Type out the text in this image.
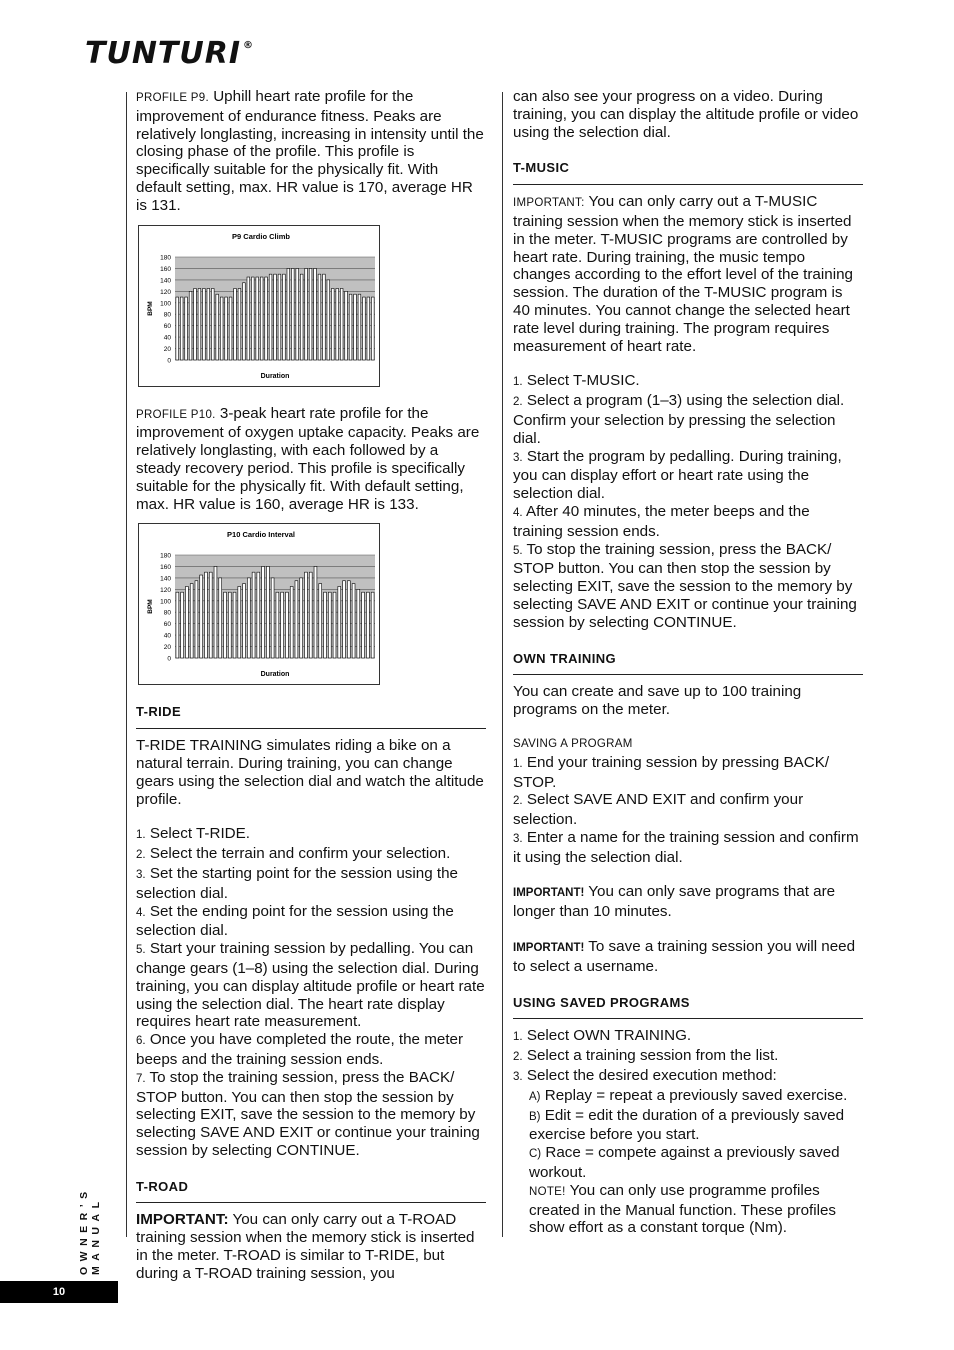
TUNTURI ®

PROFILE P9. Uphill heart rate profile for the improvement of endurance fitness. Peaks are relatively longlasting, increasing in intensity until the closing phase of the profile. This profile is specifically suitable for the physically fit. With default setting, max. HR value is 170, average HR is 131.

P9 Cardio Climb
0
20
40
60
80
100
120
140
160
180
BPM
Duration

PROFILE P10. 3-peak heart rate profile for the improvement of oxygen uptake capacity. Peaks are relatively longlasting, with each followed by a steady recovery period. This profile is specifically suitable for the physically fit. With default setting, max. HR value is 160, average HR is 133.

P10 Cardio Interval
0
20
40
60
80
100
120
140
160
180
BPM
Duration

T-RIDE

T-RIDE TRAINING simulates riding a bike on a natural terrain. During training, you can change gears using the selection dial and watch the altitude profile.

1. Select T-RIDE.

2. Select the terrain and confirm your selection.

3. Set the starting point for the session using the selection dial.

4. Set the ending point for the session using the selection dial.

5. Start your training session by pedalling. You can change gears (1–8) using the selection dial. During training, you can display altitude profile or heart rate using the selection dial. The heart rate display requires heart rate measurement.

6. Once you have completed the route, the meter beeps and the training session ends.

7. To stop the training session, press the BACK/ STOP button. You can then stop the session by selecting EXIT, save the session to the memory by selecting SAVE AND EXIT or continue your training session by selecting CONTINUE.

T-ROAD

IMPORTANT: You can only carry out a T-ROAD training session when the memory stick is inserted in the meter. T-ROAD is similar to T-RIDE, but during a T-ROAD training session, you

can also see your progress on a video. During training, you can display the altitude profile or video using the selection dial.

T-MUSIC

IMPORTANT: You can only carry out a T-MUSIC training session when the memory stick is inserted in the meter. T-MUSIC programs are controlled by heart rate. During training, the music tempo changes according to the effort level of the training session. The duration of the T-MUSIC program is 40 minutes. You cannot change the selected heart rate level during training. The program requires measurement of heart rate.

1. Select T-MUSIC.

2. Select a program (1–3) using the selection dial. Confirm your selection by pressing the selection dial.

3. Start the program by pedalling. During training, you can display effort or heart rate using the selection dial.

4. After 40 minutes, the meter beeps and the training session ends.

5. To stop the training session, press the BACK/ STOP button. You can then stop the session by selecting EXIT, save the session to the memory by selecting SAVE AND EXIT or continue your training session by selecting CONTINUE.

OWN TRAINING

You can create and save up to 100 training programs on the meter.

SAVING A PROGRAM

1. End your training session by pressing BACK/ STOP.

2. Select SAVE AND EXIT and confirm your selection.

3. Enter a name for the training session and confirm it using the selection dial.

IMPORTANT! You can only save programs that are longer than 10 minutes.

IMPORTANT! To save a training session you will need to select a username.

USING SAVED PROGRAMS

1. Select OWN TRAINING.

2. Select a training session from the list.

3. Select the desired execution method:

A) Replay = repeat a previously saved exercise.

B) Edit = edit the duration of a previously saved exercise before you start.

C) Race = compete against a previously saved workout.

NOTE! You can only use programme profiles created in the Manual function. These profiles show effort as a constant torque (Nm).

OWNER’S MANUAL
10
